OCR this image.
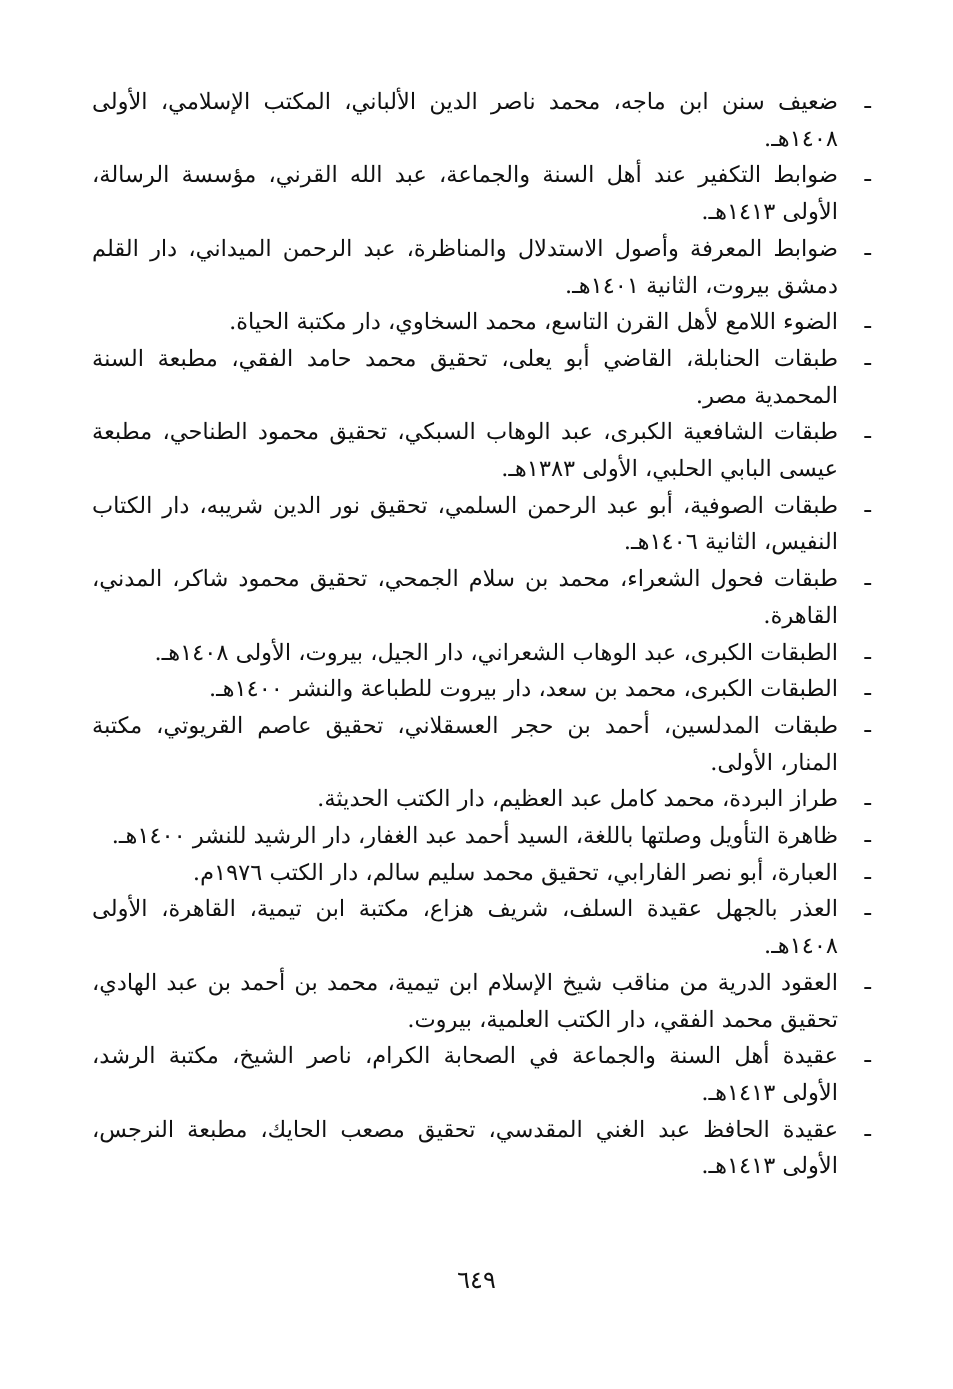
ـ
ضعيف سنن ابن ماجه، محمد ناصر الدين الألباني، المكتب الإسلامي، الأولى ١٤٠٨هـ.
ـ
ضوابط التكفير عند أهل السنة والجماعة، عبد الله القرني، مؤسسة الرسالة، الأولى ١٤١٣هـ.
ـ
ضوابط المعرفة وأصول الاستدلال والمناظرة، عبد الرحمن الميداني، دار القلم دمشق بيروت، الثانية ١٤٠١هـ.
ـ
الضوء اللامع لأهل القرن التاسع، محمد السخاوي، دار مكتبة الحياة.
ـ
طبقات الحنابلة، القاضي أبو يعلى، تحقيق محمد حامد الفقي، مطبعة السنة المحمدية مصر.
ـ
طبقات الشافعية الكبرى، عبد الوهاب السبكي، تحقيق محمود الطناحي، مطبعة عيسى البابي الحلبي، الأولى ١٣٨٣هـ.
ـ
طبقات الصوفية، أبو عبد الرحمن السلمي، تحقيق نور الدين شريبه، دار الكتاب النفيس، الثانية ١٤٠٦هـ.
ـ
طبقات فحول الشعراء، محمد بن سلام الجمحي، تحقيق محمود شاكر، المدني، القاهرة.
ـ
الطبقات الكبرى، عبد الوهاب الشعراني، دار الجيل، بيروت، الأولى ١٤٠٨هـ.
ـ
الطبقات الكبرى، محمد بن سعد، دار بيروت للطباعة والنشر ١٤٠٠هـ.
ـ
طبقات المدلسين، أحمد بن حجر العسقلاني، تحقيق عاصم القريوتي، مكتبة المنار، الأولى.
ـ
طراز البردة، محمد كامل عبد العظيم، دار الكتب الحديثة.
ـ
ظاهرة التأويل وصلتها باللغة، السيد أحمد عبد الغفار، دار الرشيد للنشر ١٤٠٠هـ.
ـ
العبارة، أبو نصر الفارابي، تحقيق محمد سليم سالم، دار الكتب ١٩٧٦م.
ـ
العذر بالجهل عقيدة السلف، شريف هزاع، مكتبة ابن تيمية، القاهرة، الأولى ١٤٠٨هـ.
ـ
العقود الدرية من مناقب شيخ الإسلام ابن تيمية، محمد بن أحمد بن عبد الهادي، تحقيق محمد الفقي، دار الكتب العلمية، بيروت.
ـ
عقيدة أهل السنة والجماعة في الصحابة الكرام، ناصر الشيخ، مكتبة الرشد، الأولى ١٤١٣هـ.
ـ
عقيدة الحافظ عبد الغني المقدسي، تحقيق مصعب الحايك، مطبعة النرجس، الأولى ١٤١٣هـ.
٦٤٩
